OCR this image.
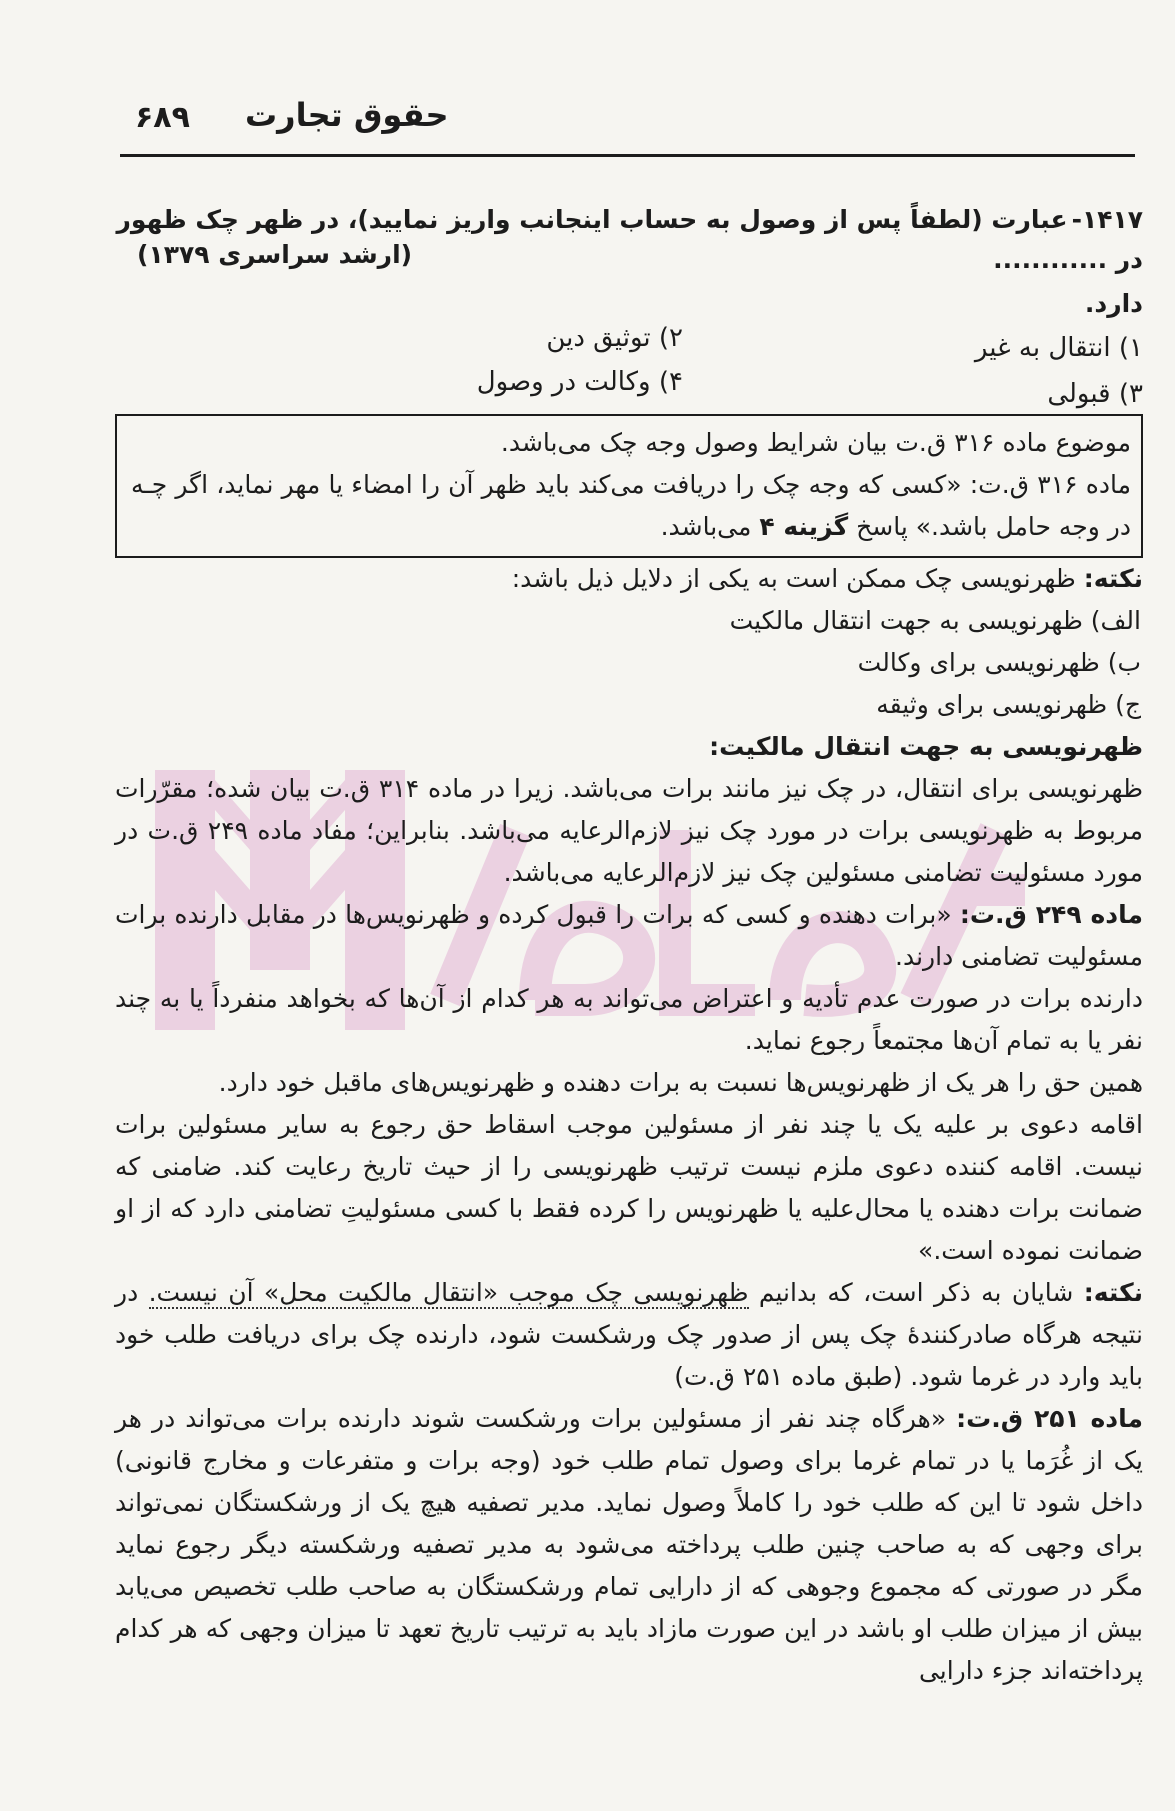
۶۸۹ حقوق تجارت
۱۴۱۷-عبارت (لطفاً پس از وصول به حساب اینجانب واریز نمایید)، در ظهر چک ظهور در ............
(ارشد سراسری ۱۳۷۹)
دارد.
۱) انتقال به غیر
۲) توثیق دین
۳) قبولی
۴) وکالت در وصول
موضوع ماده ۳۱۶ ق.ت بیان شرایط وصول وجه چک می‌باشد.
ماده ۳۱۶ ق.ت: «کسی که وجه چک را دریافت می‌کند باید ظهر آن را امضاء یا مهر نماید، اگر چـه در وجه حامل باشد.» پاسخ گزینه ۴ می‌باشد.
نکته: ظهرنویسی چک ممکن است به یکی از دلایل ذیل باشد:
الف) ظهرنویسی به جهت انتقال مالکیت
ب) ظهرنویسی برای وکالت
ج) ظهرنویسی برای وثیقه
ظهرنویسی به جهت انتقال مالکیت:
ظهرنویسی برای انتقال، در چک نیز مانند برات می‌باشد. زیرا در ماده ۳۱۴ ق.ت بیان شده؛ مقرّرات مربوط به ظهرنویسی برات در مورد چک نیز لازم‌الرعایه می‌باشد. بنابراین؛ مفاد ماده ۲۴۹ ق.ت در مورد مسئولیت تضامنی مسئولین چک نیز لازم‌الرعایه می‌باشد.
ماده ۲۴۹ ق.ت: «برات دهنده و کسی که برات را قبول کرده و ظهرنویس‌ها در مقابل دارنده برات مسئولیت تضامنی دارند.
دارنده برات در صورت عدم تأدیه و اعتراض می‌تواند به هر کدام از آن‌ها که بخواهد منفرداً یا به چند نفر یا به تمام آن‌ها مجتمعاً رجوع نماید.
همین حق را هر یک از ظهرنویس‌ها نسبت به برات دهنده و ظهرنویس‌های ماقبل خود دارد.
اقامه دعوی بر علیه یک یا چند نفر از مسئولین موجب اسقاط حق رجوع به سایر مسئولین برات نیست. اقامه کننده دعوی ملزم نیست ترتیب ظهرنویسی را از حیث تاریخ رعایت کند. ضامنی که ضمانت برات دهنده یا محال‌علیه یا ظهرنویس را کرده فقط با کسی مسئولیتِ تضامنی دارد که از او ضمانت نموده است.»
نکته: شایان به ذکر است، که بدانیم ظهرنویسی چک موجب «انتقال مالکیت محل» آن نیست. در نتیجه هرگاه صادرکنندهٔ چک پس از صدور چک ورشکست شود، دارنده چک برای دریافت طلب خود باید وارد در غرما شود. (طبق ماده ۲۵۱ ق.ت)
ماده ۲۵۱ ق.ت: «هرگاه چند نفر از مسئولین برات ورشکست شوند دارنده برات می‌تواند در هر یک از غُرَما یا در تمام غرما برای وصول تمام طلب خود (وجه برات و متفرعات و مخارج قانونی) داخل شود تا این که طلب خود را کاملاً وصول نماید. مدیر تصفیه هیچ یک از ورشکستگان نمی‌تواند برای وجهی که به صاحب چنین طلب پرداخته می‌شود به مدیر تصفیه ورشکسته دیگر رجوع نماید مگر در صورتی که مجموع وجوهی که از دارایی تمام ورشکستگان به صاحب طلب تخصیص می‌یابد بیش از میزان طلب او باشد در این صورت مازاد باید به ترتیب تاریخ تعهد تا میزان وجهی که هر کدام پرداخته‌اند جزء دارایی
